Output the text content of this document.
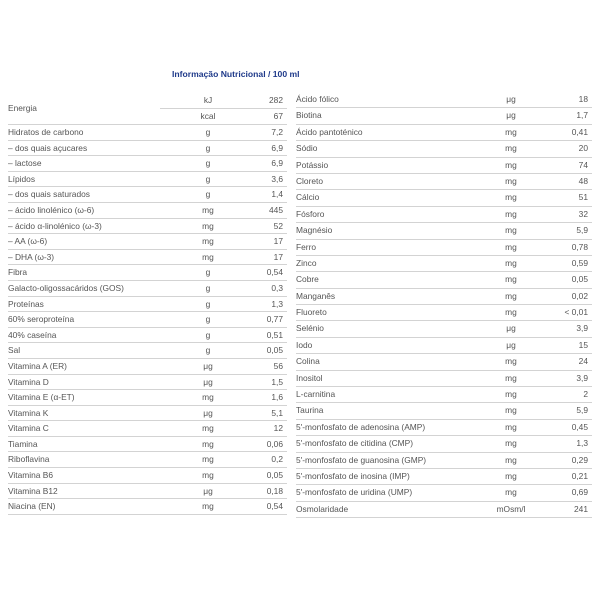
Informação Nutricional / 100 ml
Energia
kJ	282
kcal	67
Hidratos de carbono	g	7,2
– dos quais açucares	g	6,9
– lactose	g	6,9
Lípidos	g	3,6
– dos quais saturados	g	1,4
– ácido linolénico (ω-6)	mg	445
– ácido α-linolénico (ω-3)	mg	52
– AA (ω-6)	mg	17
– DHA (ω-3)	mg	17
Fibra	g	0,54
Galacto-oligossacáridos (GOS)	g	0,3
Proteínas	g	1,3
60% seroproteína	g	0,77
40% caseína	g	0,51
Sal	g	0,05
Vitamina A (ER)	μg	56
Vitamina D	μg	1,5
Vitamina E (α-ET)	mg	1,6
Vitamina K	μg	5,1
Vitamina C	mg	12
Tiamina	mg	0,06
Riboflavina	mg	0,2
Vitamina B6	mg	0,05
Vitamina B12	μg	0,18
Niacina (EN)	mg	0,54
Ácido fólico	μg	18
Biotina	μg	1,7
Ácido pantoténico	mg	0,41
Sódio	mg	20
Potássio	mg	74
Cloreto	mg	48
Cálcio	mg	51
Fósforo	mg	32
Magnésio	mg	5,9
Ferro	mg	0,78
Zinco	mg	0,59
Cobre	mg	0,05
Manganês	mg	0,02
Fluoreto	mg	< 0,01
Selénio	μg	3,9
Iodo	μg	15
Colina	mg	24
Inositol	mg	3,9
L-carnitina	mg	2
Taurina	mg	5,9
5'-monfosfato de adenosina (AMP)	mg	0,45
5'-monfosfato de citidina (CMP)	mg	1,3
5'-monfosfato de guanosina (GMP)	mg	0,29
5'-monfosfato de inosina (IMP)	mg	0,21
5'-monfosfato de uridina (UMP)	mg	0,69
Osmolaridade	mOsm/l	241
